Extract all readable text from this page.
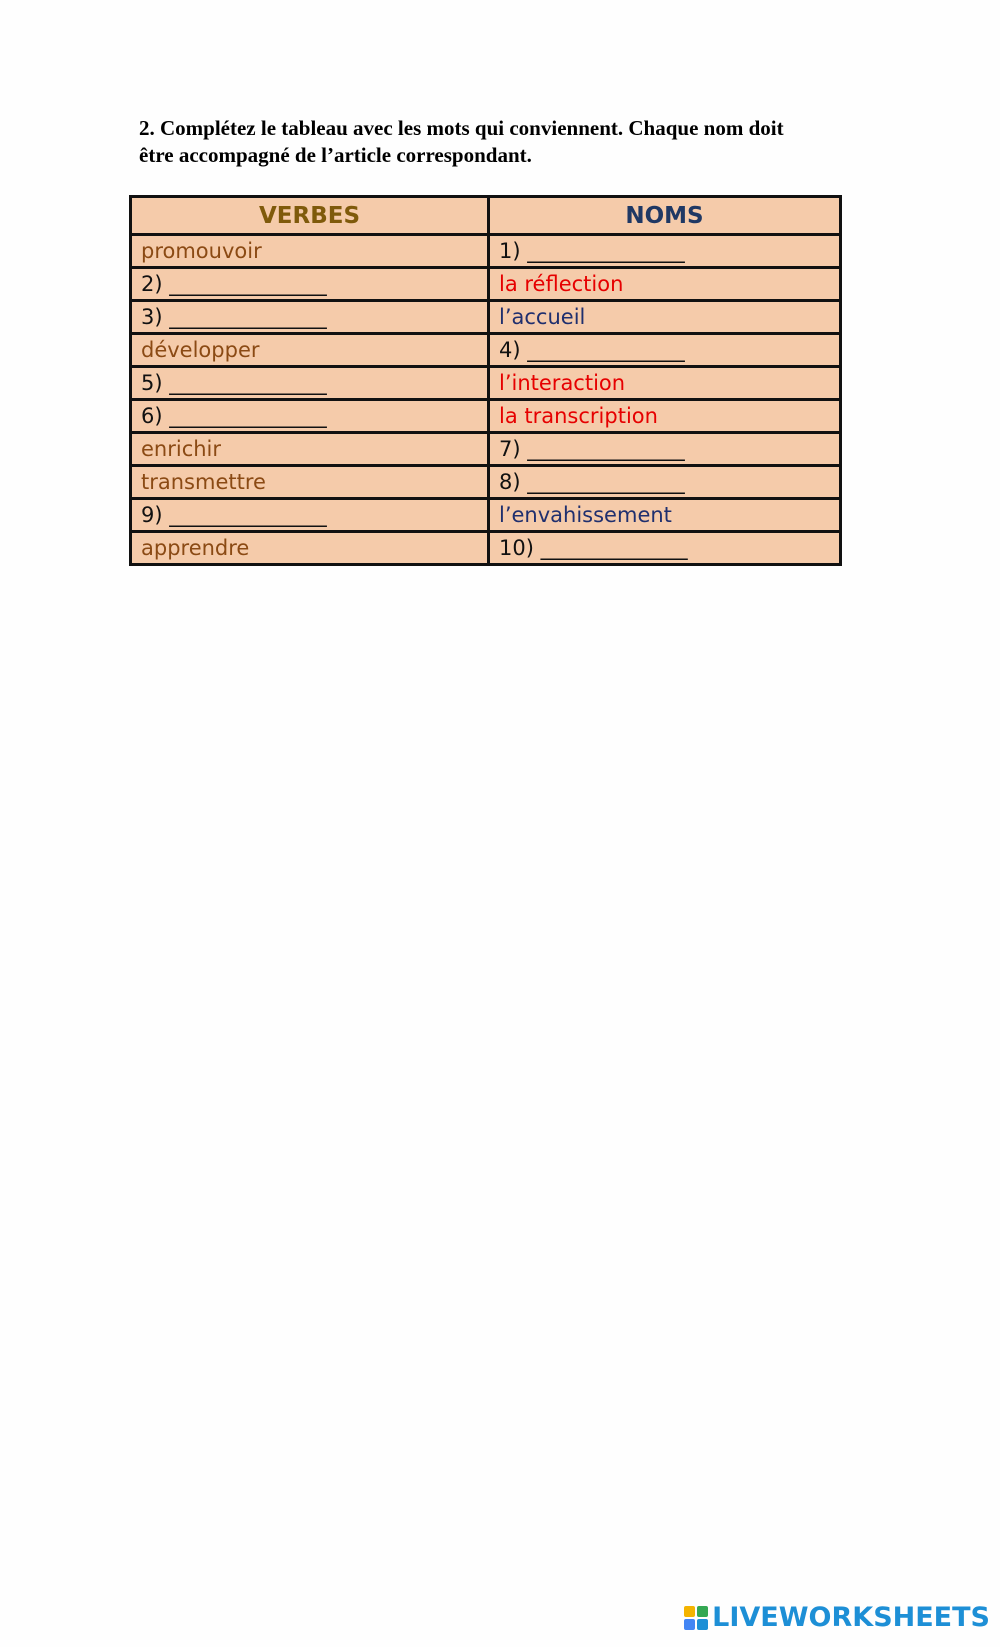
2. Complétez le tableau avec les mots qui conviennent. Chaque nom doit
être accompagné de l’article correspondant.

VERBES	NOMS
promouvoir	1) _______________
2) _______________	la réflection
3) _______________	l’accueil
développer	4) _______________
5) _______________	l’interaction
6) _______________	la transcription
enrichir	7) _______________
transmettre	8) _______________
9) _______________	l’envahissement
apprendre	10) ______________
LIVEWORKSHEETS
